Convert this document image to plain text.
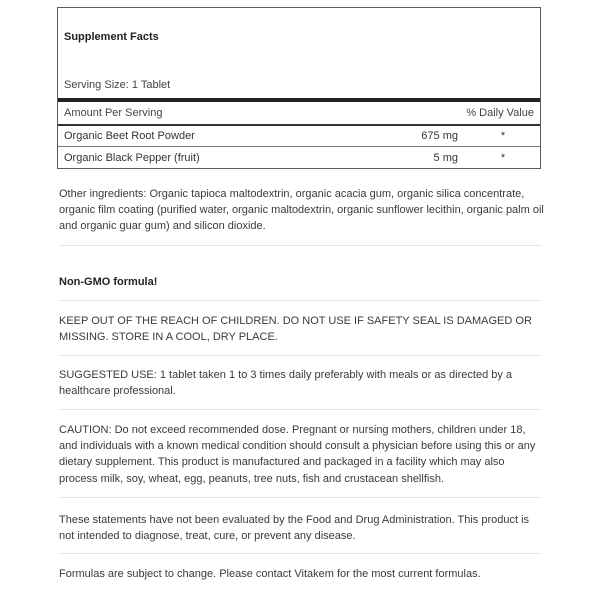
Supplement Facts
Serving Size: 1 Tablet
Amount Per Serving	% Daily Value
Organic Beet Root Powder	675 mg	*
Organic Black Pepper (fruit)	5 mg	*
Other ingredients: Organic tapioca maltodextrin, organic acacia gum, organic silica concentrate, organic film coating (purified water, organic maltodextrin, organic sunflower lecithin, organic palm oil and organic guar gum) and silicon dioxide.
Non-GMO formula!
KEEP OUT OF THE REACH OF CHILDREN. DO NOT USE IF SAFETY SEAL IS DAMAGED OR MISSING. STORE IN A COOL, DRY PLACE.
SUGGESTED USE: 1 tablet taken 1 to 3 times daily preferably with meals or as directed by a healthcare professional.
CAUTION: Do not exceed recommended dose. Pregnant or nursing mothers, children under 18, and individuals with a known medical condition should consult a physician before using this or any dietary supplement. This product is manufactured and packaged in a facility which may also process milk, soy, wheat, egg, peanuts, tree nuts, fish and crustacean shellfish.
These statements have not been evaluated by the Food and Drug Administration. This product is not intended to diagnose, treat, cure, or prevent any disease.
Formulas are subject to change. Please contact Vitakem for the most current formulas.
